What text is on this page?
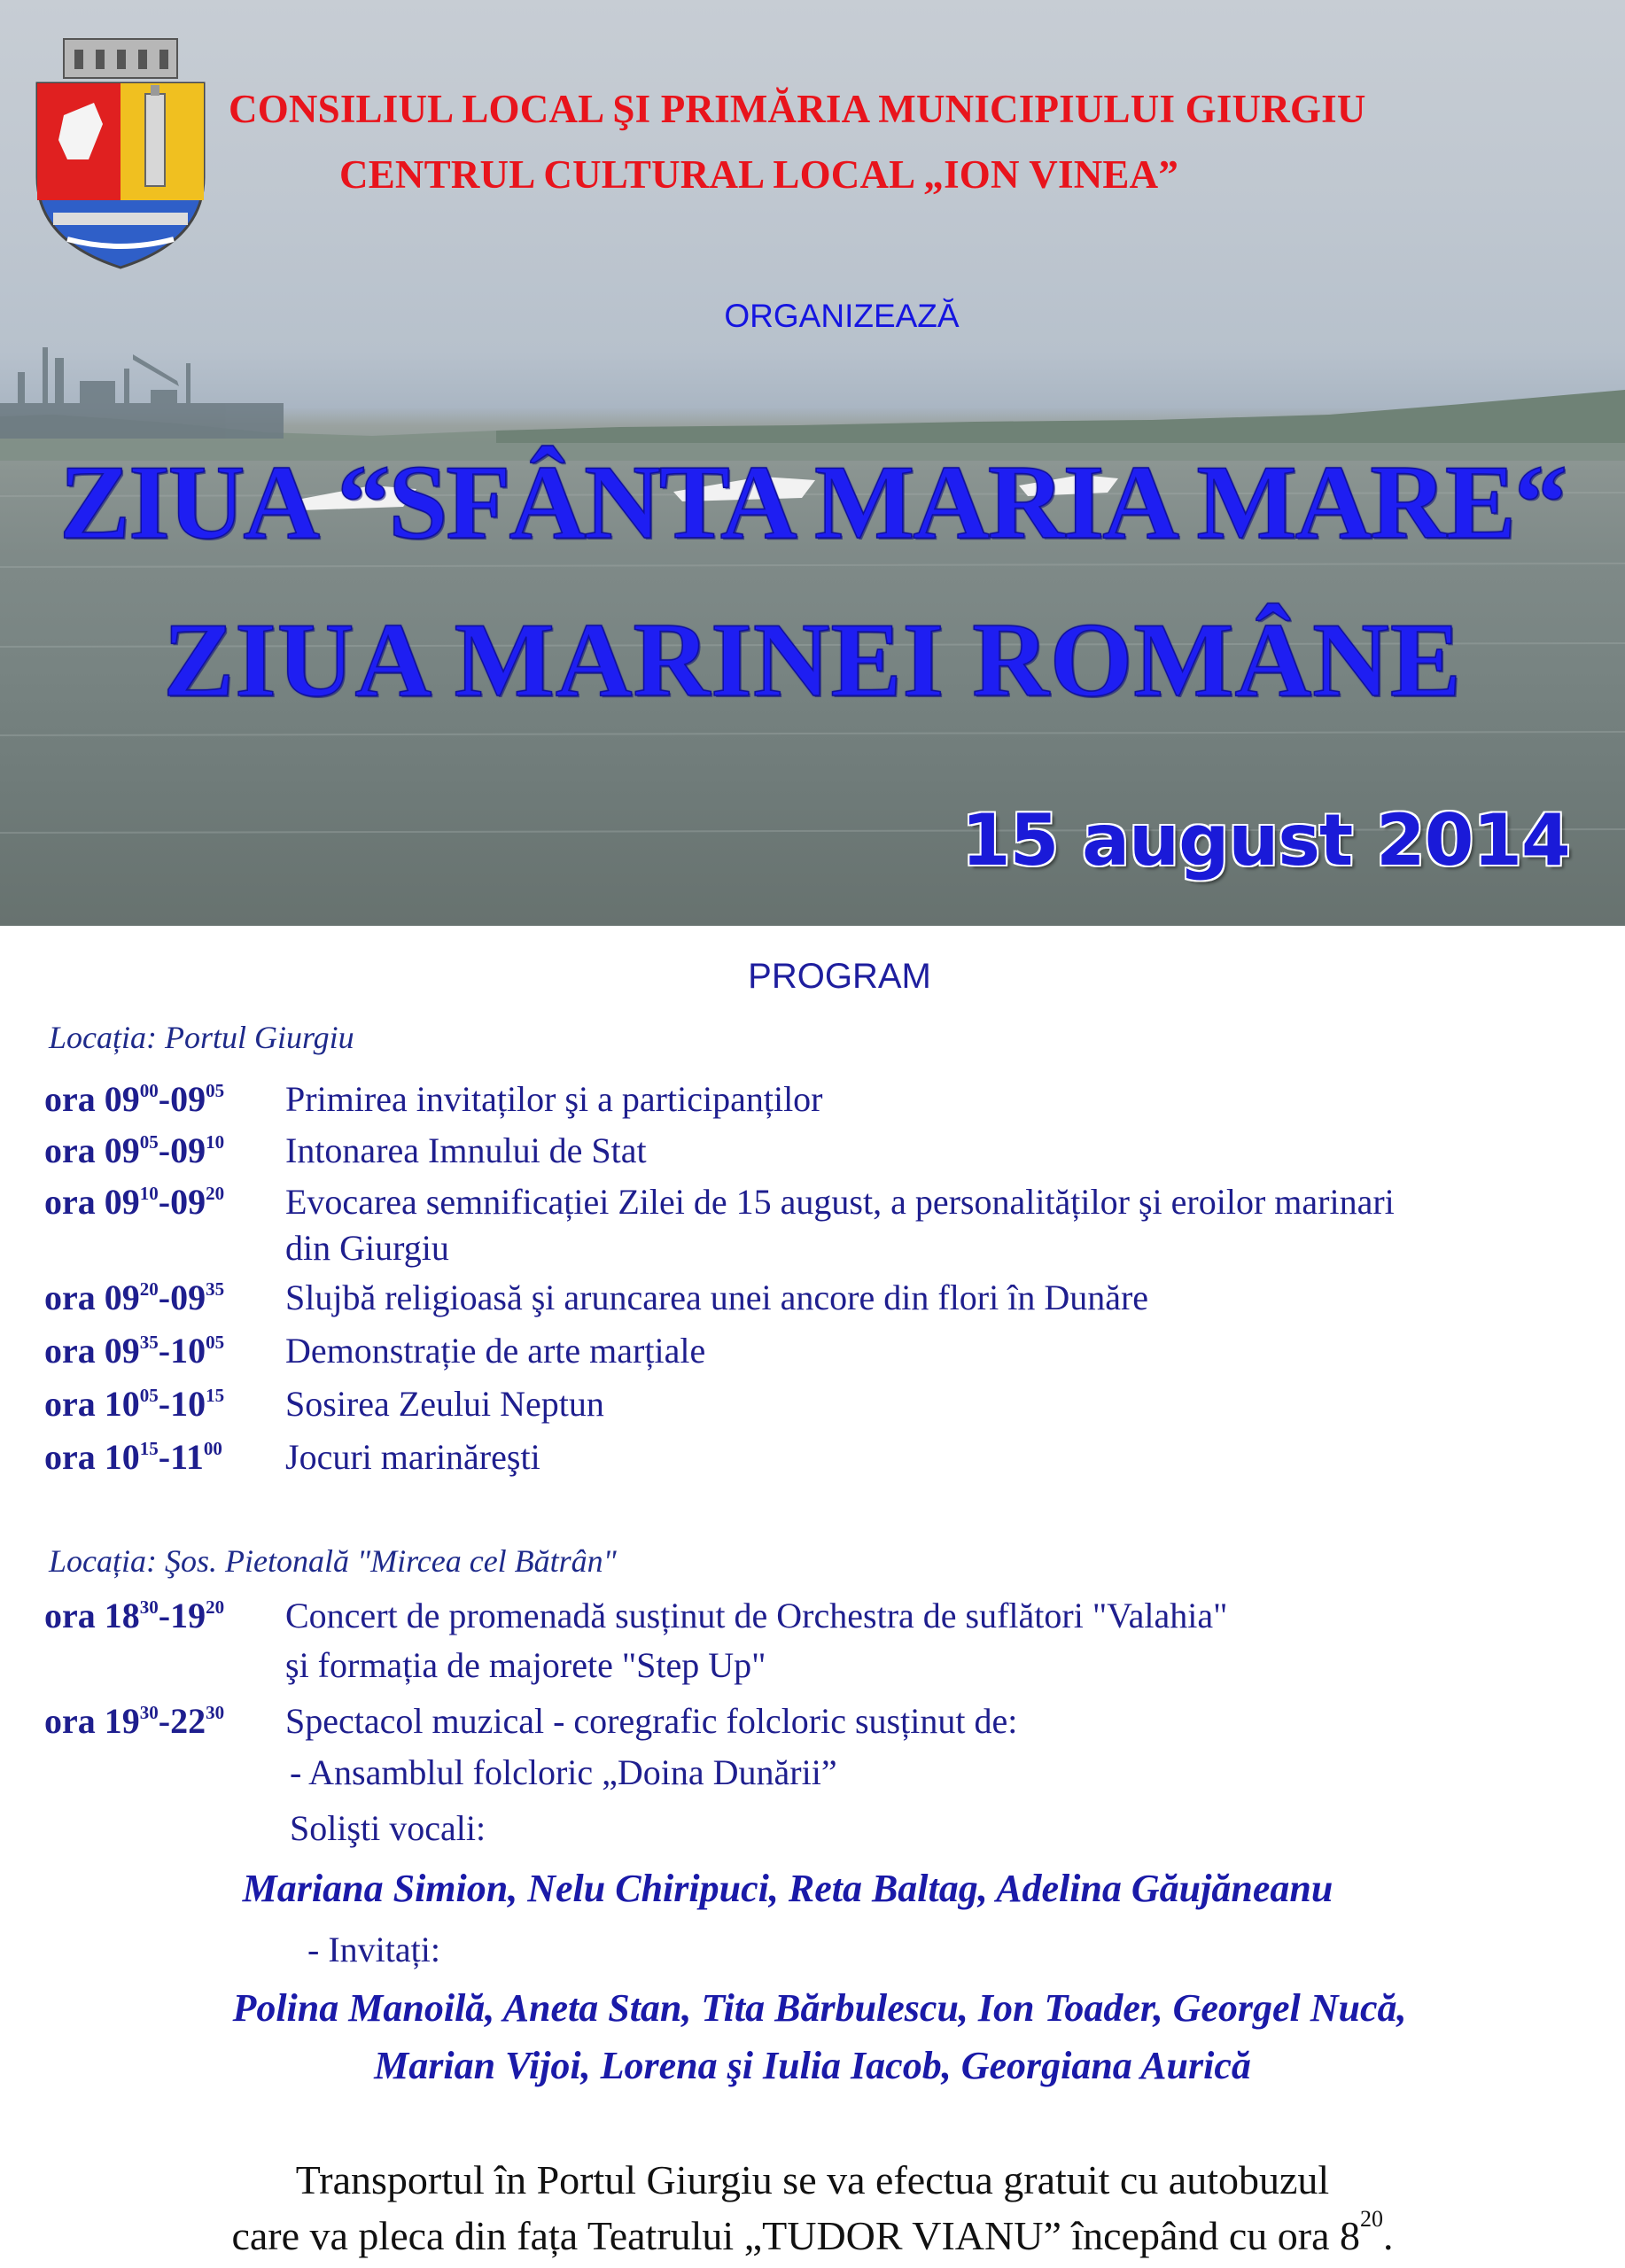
CONSILIUL LOCAL ŞI PRIMĂRIA MUNICIPIULUI GIURGIU
CENTRUL CULTURAL LOCAL „ION VINEA”
ORGANIZEAZĂ
ZIUA “SFÂNTA MARIA MARE“
ZIUA MARINEI ROMÂNE
15 august 2014
PROGRAM
Locația: Portul Giurgiu
ora $09^{00}-09^{05}$ Primirea invitaților şi a participanților
ora $09^{05}-09^{10}$ Intonarea Imnului de Stat
ora $09^{10}-09^{20}$ Evocarea semnificației Zilei de 15 august, a personalităților şi eroilor marinari
din Giurgiu
ora $09^{20}-09^{35}$ Slujbă religioasă şi aruncarea unei ancore din flori în Dunăre
ora $09^{35}-10^{05}$ Demonstrație de arte marțiale
ora $10^{05}-10^{15}$ Sosirea Zeului Neptun
ora $10^{15}-11^{00}$ Jocuri marinăreşti
Locația: Şos. Pietonală "Mircea cel Bătrân"
ora $18^{30}-19^{20}$ Concert de promenadă susținut de Orchestra de suflători "Valahia"
şi formația de majorete "Step Up"
ora $19^{30}-22^{30}$ Spectacol muzical - coregrafic folcloric susținut de:
- Ansamblul folcloric „Doina Dunării”
Solişti vocali:
Mariana Simion, Nelu Chiripuci, Reta Baltag, Adelina Găujăneanu
- Invitați:
Polina Manoilă, Aneta Stan, Tita Bărbulescu, Ion Toader, Georgel Nucă,
Marian Vijoi, Lorena şi Iulia Iacob, Georgiana Aurică
Transportul în Portul Giurgiu se va efectua gratuit cu autobuzul
care va pleca din fața Teatrului „TUDOR VIANU” începând cu ora $8^{20}$.
